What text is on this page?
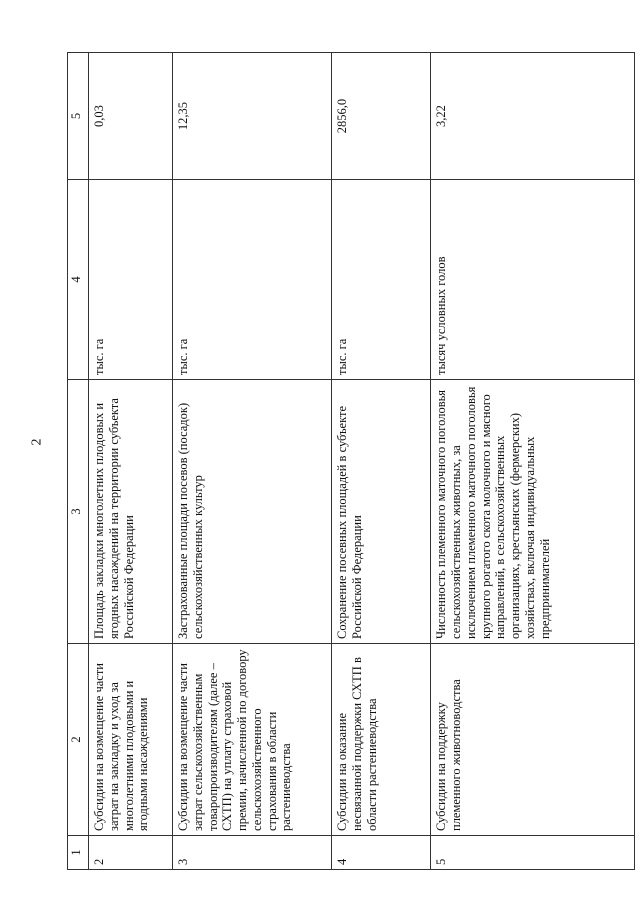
2
1	2	3	4	5
2	Субсидии на возмещение части затрат на закладку и уход за многолетними плодовыми и ягодными насаждениями	Площадь закладки многолетних плодовых и ягодных насаждений на территории субъекта Российской Федерации	тыс. га	0,03
3	Субсидии на возмещение части затрат сельскохозяйственным товаропроизводителям (далее – СХТП) на уплату страховой премии, начисленной по договору сельскохозяйственного страхования в области растениеводства	Застрахованные площади посевов (посадок) сельскохозяйственных культур	тыс. га	12,35
4	Субсидии на оказание несвязанной поддержки СХТП в области растениеводства	Сохранение посевных площадей в субъекте Российской Федерации	тыс. га	2856,0
5	Субсидии на поддержку племенного животноводства	Численность племенного маточного поголовья сельскохозяйственных животных, за исключением племенного маточного поголовья крупного рогатого скота молочного и мясного направлений, в сельскохозяйственных организациях, крестьянских (фермерских) хозяйствах, включая индивидуальных предпринимателей	тысяч условных голов	3,22
